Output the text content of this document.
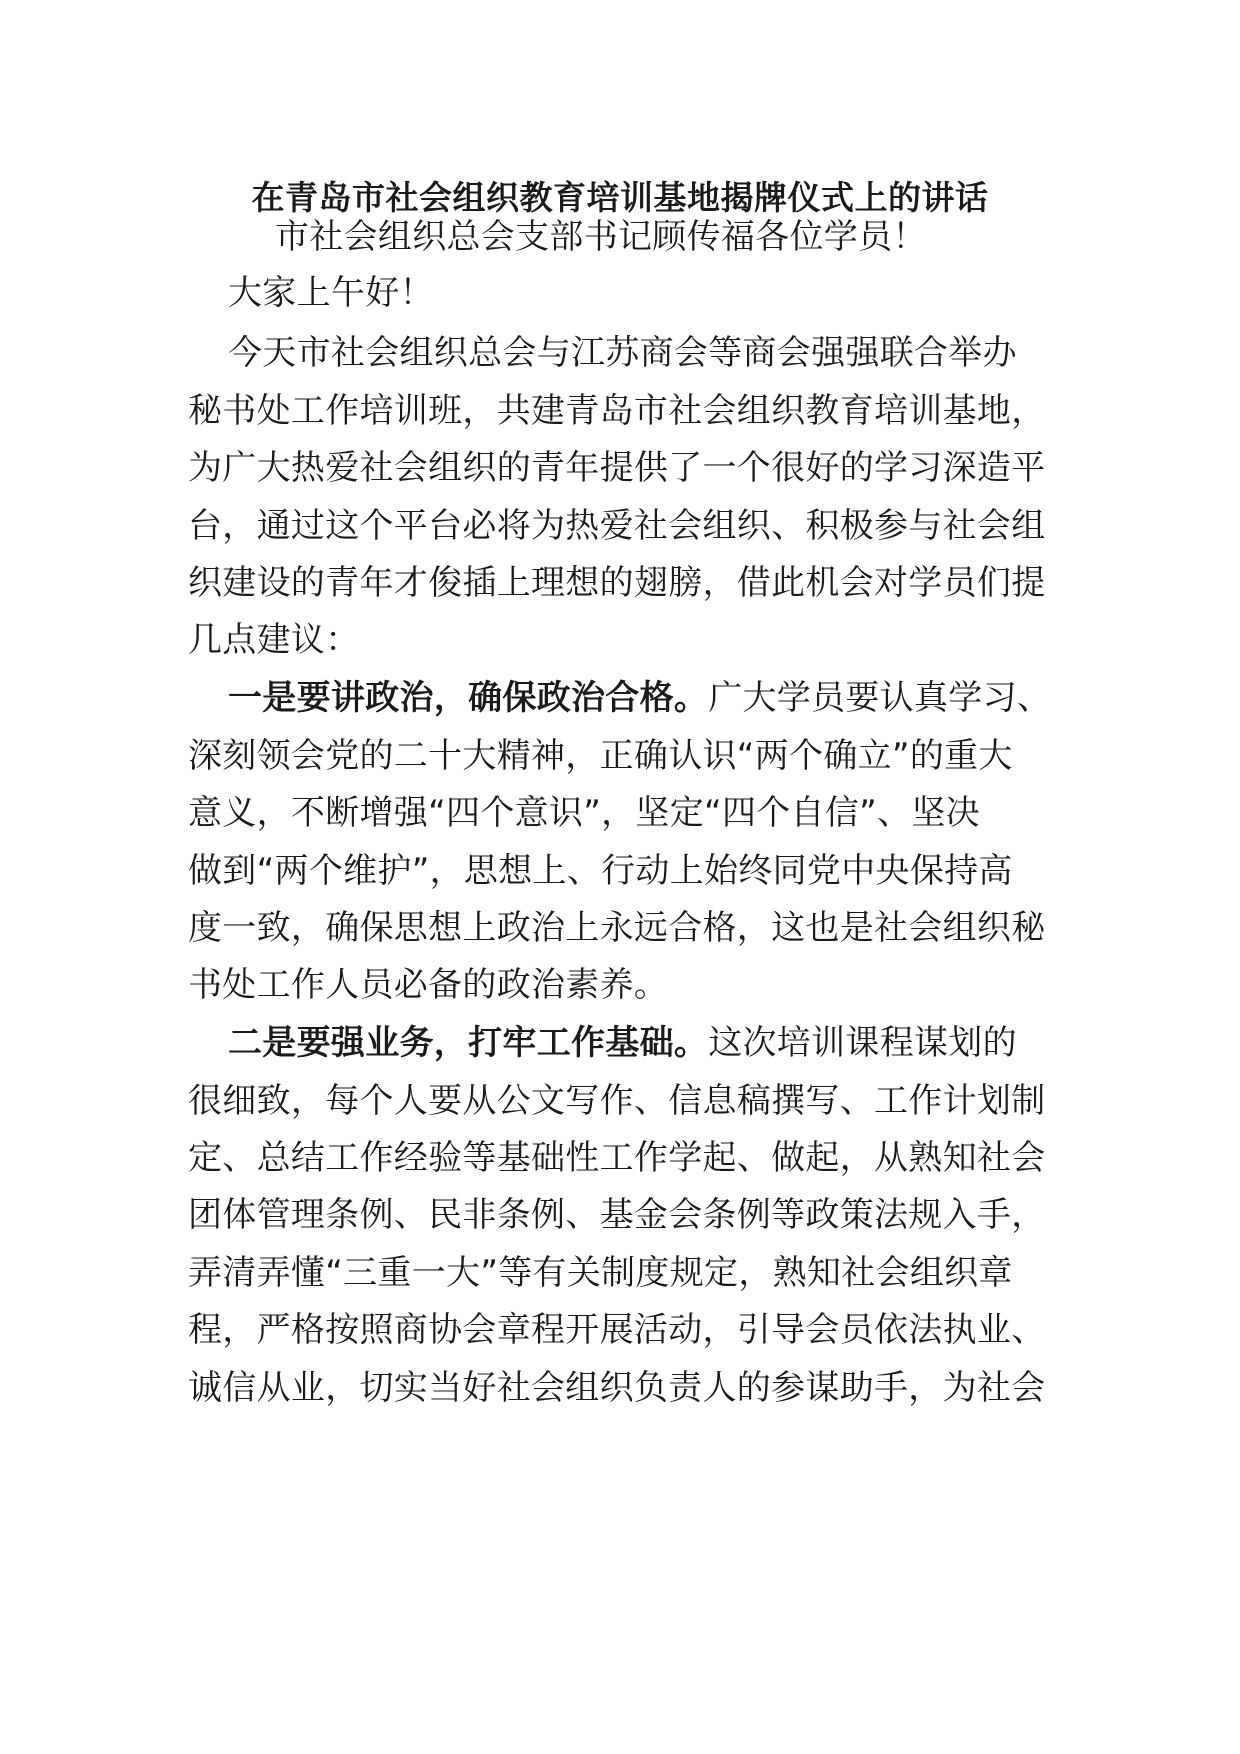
在青岛市社会组织教育培训基地揭牌仪式上的讲话
市社会组织总会支部书记顾传福各位学员！
大家上午好！
今天市社会组织总会与江苏商会等商会强强联合举办
秘书处工作培训班，共建青岛市社会组织教育培训基地，
为广大热爱社会组织的青年提供了一个很好的学习深造平
台，通过这个平台必将为热爱社会组织、积极参与社会组
织建设的青年才俊插上理想的翅膀，借此机会对学员们提
几点建议：
一是要讲政治，确保政治合格。广大学员要认真学习、
深刻领会党的二十大精神，正确认识“两个确立”的重大
意义，不断增强“四个意识”，坚定“四个自信”、坚决
做到“两个维护”，思想上、行动上始终同党中央保持高
度一致，确保思想上政治上永远合格，这也是社会组织秘
书处工作人员必备的政治素养。
二是要强业务，打牢工作基础。这次培训课程谋划的
很细致，每个人要从公文写作、信息稿撰写、工作计划制
定、总结工作经验等基础性工作学起、做起，从熟知社会
团体管理条例、民非条例、基金会条例等政策法规入手，
弄清弄懂“三重一大”等有关制度规定，熟知社会组织章
程，严格按照商协会章程开展活动，引导会员依法执业、
诚信从业，切实当好社会组织负责人的参谋助手，为社会
